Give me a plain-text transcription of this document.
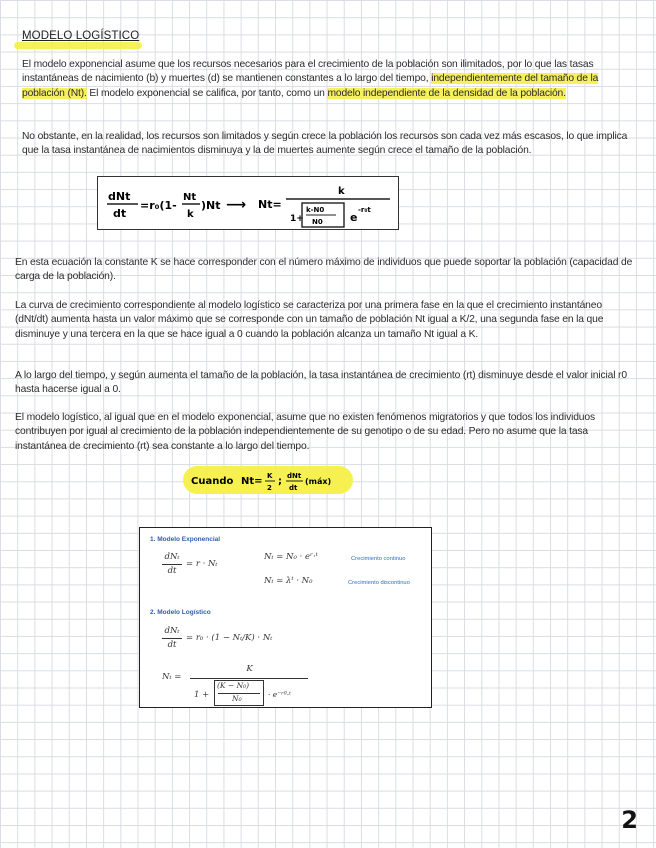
MODELO LOGÍSTICO

El modelo exponencial asume que los recursos necesarios para el crecimiento de la población son ilimitados, por lo que las tasas instantáneas de nacimiento (b) y muertes (d) se mantienen constantes a lo largo del tiempo, independientemente del tamaño de la población (Nt). El modelo exponencial se califica, por tanto, como un modelo independiente de la densidad de la población.

No obstante, en la realidad, los recursos son limitados y según crece la población los recursos son cada vez más escasos, lo que implica que la tasa instantánea de nacimientos disminuya y la de muertes aumente según crece el tamaño de la población.

dNt
dt
=r₀(1-
Nt
k
)Nt ⟶ Nt=
k
1+
k-N0
N0 e
-r₀t

En esta ecuación la constante K se hace corresponder con el número máximo de individuos que puede soportar la población (capacidad de carga de la población).

La curva de crecimiento correspondiente al modelo logístico se caracteriza por una primera fase en la que el crecimiento instantáneo (dNt/dt) aumenta hasta un valor máximo que se corresponde con un tamaño de población Nt igual a K/2, una segunda fase en la que disminuye y una tercera en la que se hace igual a 0 cuando la población alcanza un tamaño Nt igual a K.

A lo largo del tiempo, y según aumenta el tamaño de la población, la tasa instantánea de crecimiento (rt) disminuye desde el valor inicial r0 hasta hacerse igual a 0.

El modelo logístico, al igual que en el modelo exponencial, asume que no existen fenómenos migratorios y que todos los individuos contribuyen por igual al crecimiento de la población independientemente de su genotipo o de su edad. Pero no asume que la tasa instantánea de crecimiento (rt) sea constante a lo largo del tiempo.

Cuando Nt= K
2
; dNt
dt
(máx)
1. Modelo Exponencial
dNₜ
dt
= r · Nₜ
Nₜ = N₀ · eʳ·ᵗ	Crecimiento continuo
Nₜ = λᵗ · N₀	Crecimiento discontinuo
2. Modelo Logístico
dNₜ
dt
= r₀ · (1 − Nₜ/K) · Nₜ
Nₜ =
K
1 +
(K − N₀)
N₀	· e⁻ʳ⁰·ᵗ
2
